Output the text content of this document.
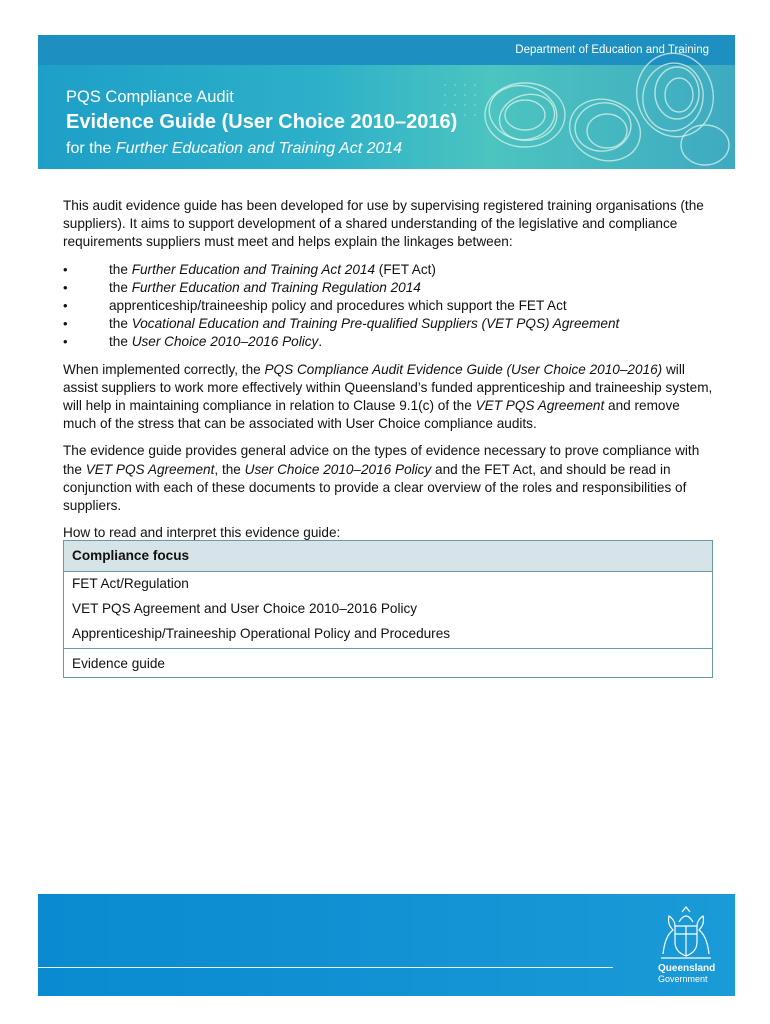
Department of Education and Training
PQS Compliance Audit
Evidence Guide (User Choice 2010–2016)
for the Further Education and Training Act 2014

This audit evidence guide has been developed for use by supervising registered training organisations (the suppliers). It aims to support development of a shared understanding of the legislative and compliance requirements suppliers must meet and helps explain the linkages between:

• the Further Education and Training Act 2014 (FET Act)
• the Further Education and Training Regulation 2014
• apprenticeship/traineeship policy and procedures which support the FET Act
• the Vocational Education and Training Pre-qualified Suppliers (VET PQS) Agreement
• the User Choice 2010–2016 Policy.

When implemented correctly, the PQS Compliance Audit Evidence Guide (User Choice 2010–2016) will assist suppliers to work more effectively within Queensland’s funded apprenticeship and traineeship system, will help in maintaining compliance in relation to Clause 9.1(c) of the VET PQS Agreement and remove much of the stress that can be associated with User Choice compliance audits.

The evidence guide provides general advice on the types of evidence necessary to prove compliance with the VET PQS Agreement, the User Choice 2010–2016 Policy and the FET Act, and should be read in conjunction with each of these documents to provide a clear overview of the roles and responsibilities of suppliers.

How to read and interpret this evidence guide:

Compliance focus
FET Act/Regulation
VET PQS Agreement and User Choice 2010–2016 Policy
Apprenticeship/Traineeship Operational Policy and Procedures
Evidence guide
Queensland
Government
